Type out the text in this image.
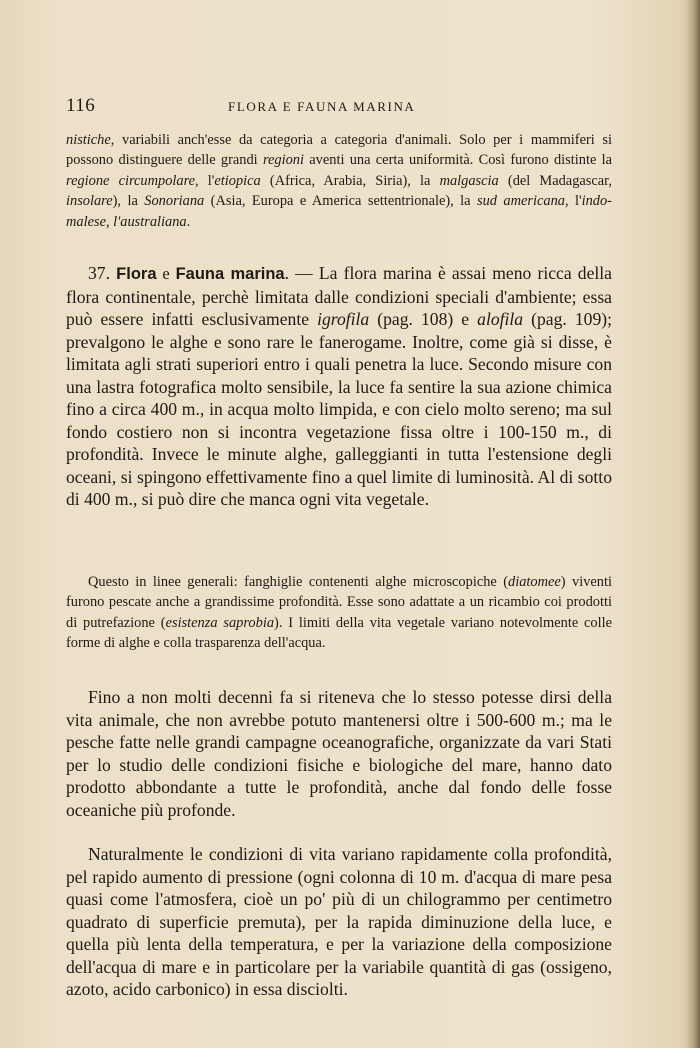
116	FLORA E FAUNA MARINA

nistiche, variabili anch'esse da categoria a categoria d'animali. Solo per i mammiferi si possono distinguere delle grandi regioni aventi una certa uniformità. Così furono distinte la regione circumpolare, l'etiopica (Africa, Arabia, Siria), la malgascia (del Madagascar, insolare), la Sonoriana (Asia, Europa e America settentrionale), la sud americana, l'indo-malese, l'australiana.

37. Flora e Fauna marina. — La flora marina è assai meno ricca della flora continentale, perchè limitata dalle condizioni speciali d'ambiente; essa può essere infatti esclusivamente igrofila (pag. 108) e alofila (pag. 109); prevalgono le alghe e sono rare le fanerogame. Inoltre, come già si disse, è limitata agli strati superiori entro i quali penetra la luce. Secondo misure con una lastra fotografica molto sensibile, la luce fa sentire la sua azione chimica fino a circa 400 m., in acqua molto limpida, e con cielo molto sereno; ma sul fondo costiero non si incontra vegetazione fissa oltre i 100-150 m., di profondità. Invece le minute alghe, galleggianti in tutta l'estensione degli oceani, si spingono effettivamente fino a quel limite di luminosità. Al di sotto di 400 m., si può dire che manca ogni vita vegetale.

Questo in linee generali: fanghiglie contenenti alghe microscopiche (diatomee) viventi furono pescate anche a grandissime profondità. Esse sono adattate a un ricambio coi prodotti di putrefazione (esistenza saprobia). I limiti della vita vegetale variano notevolmente colle forme di alghe e colla trasparenza dell'acqua.

Fino a non molti decenni fa si riteneva che lo stesso potesse dirsi della vita animale, che non avrebbe potuto mantenersi oltre i 500-600 m.; ma le pesche fatte nelle grandi campagne oceanografiche, organizzate da vari Stati per lo studio delle condizioni fisiche e biologiche del mare, hanno dato prodotto abbondante a tutte le profondità, anche dal fondo delle fosse oceaniche più profonde.

Naturalmente le condizioni di vita variano rapidamente colla profondità, pel rapido aumento di pressione (ogni colonna di 10 m. d'acqua di mare pesa quasi come l'atmosfera, cioè un po' più di un chilogrammo per centimetro quadrato di superficie premuta), per la rapida diminuzione della luce, e quella più lenta della temperatura, e per la variazione della composizione dell'acqua di mare e in particolare per la variabile quantità di gas (ossigeno, azoto, acido carbonico) in essa disciolti.
